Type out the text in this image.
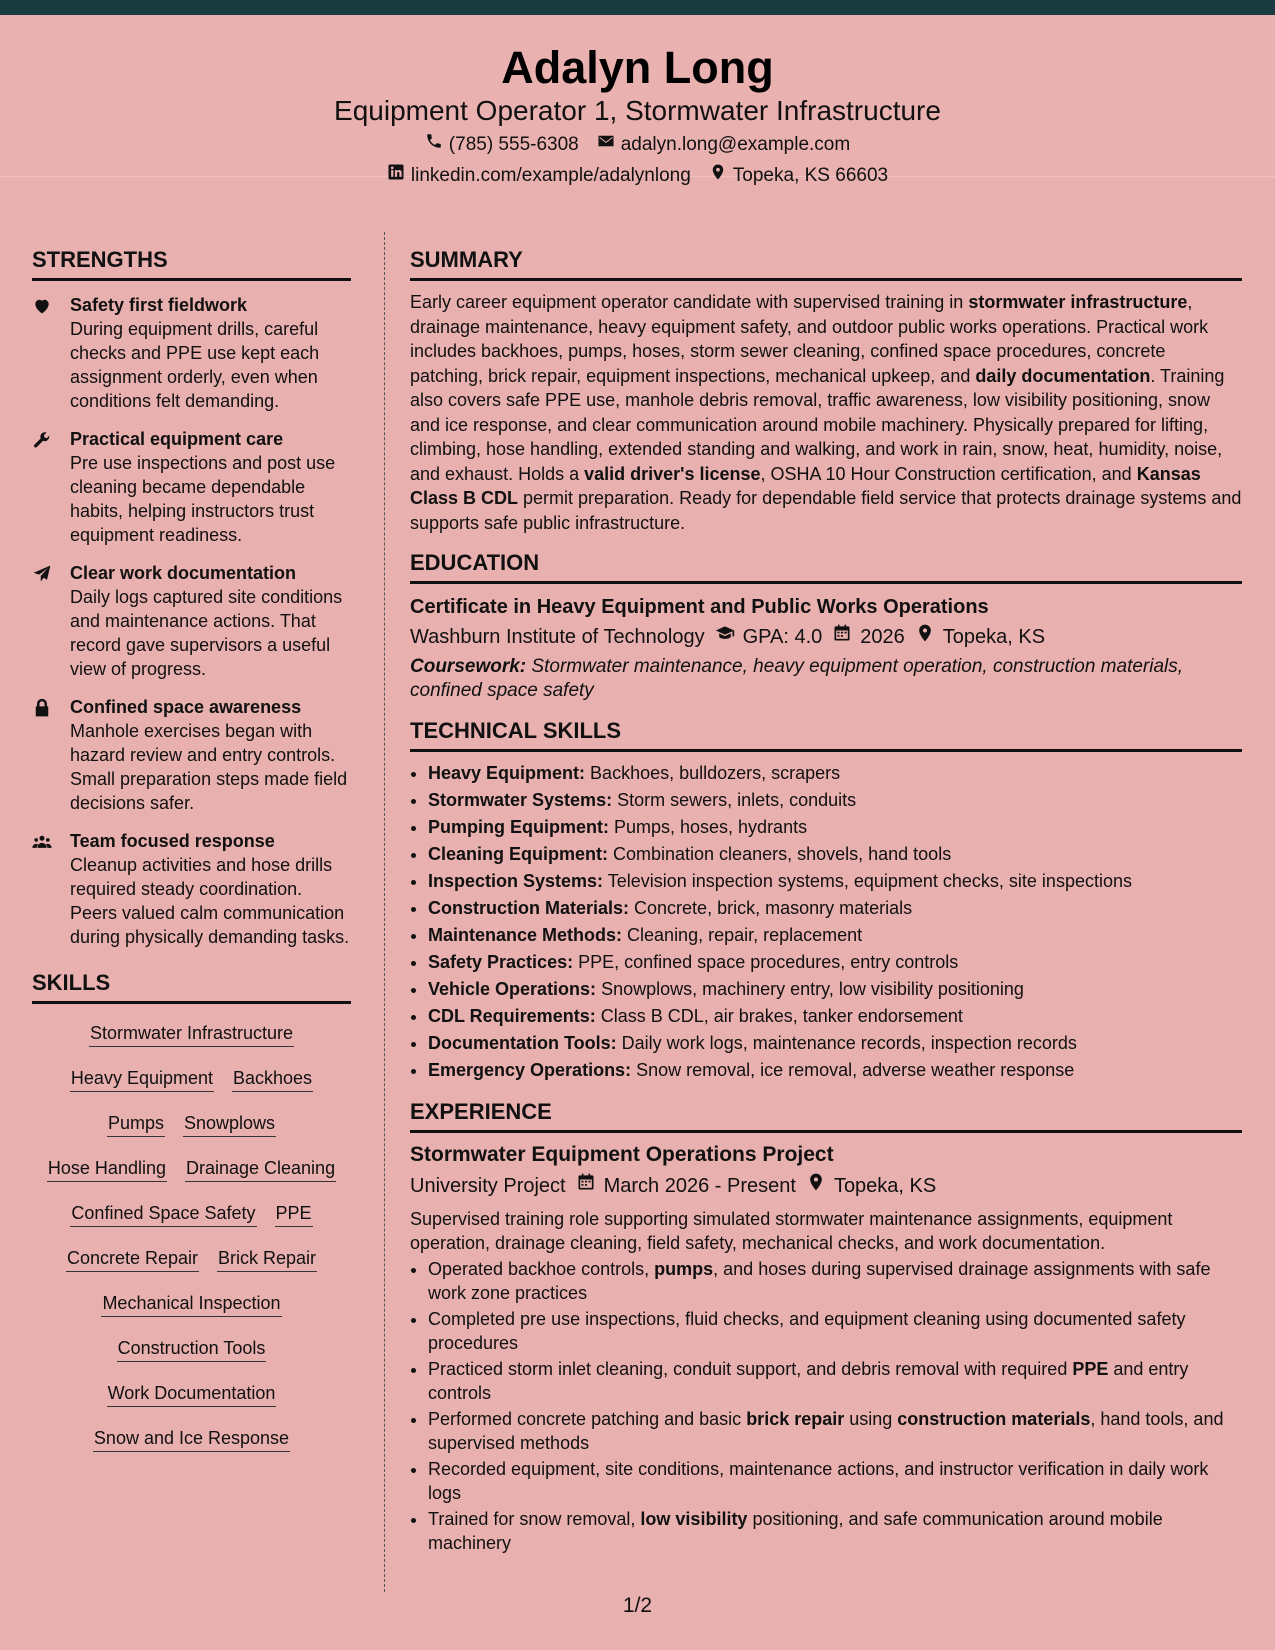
Adalyn Long
Equipment Operator 1, Stormwater Infrastructure
(785) 555-6308 adalyn.long@example.com
linkedin.com/example/adalynlong Topeka, KS 66603
STRENGTHS
Safety first fieldwork
During equipment drills, careful checks and PPE use kept each assignment orderly, even when conditions felt demanding.
Practical equipment care
Pre use inspections and post use cleaning became dependable habits, helping instructors trust equipment readiness.
Clear work documentation
Daily logs captured site conditions and maintenance actions. That record gave supervisors a useful view of progress.
Confined space awareness
Manhole exercises began with hazard review and entry controls. Small preparation steps made field decisions safer.
Team focused response
Cleanup activities and hose drills required steady coordination. Peers valued calm communication during physically demanding tasks.
SKILLS
Stormwater Infrastructure
Heavy Equipment Backhoes
Pumps Snowplows
Hose Handling Drainage Cleaning
Confined Space Safety PPE
Concrete Repair Brick Repair
Mechanical Inspection
Construction Tools
Work Documentation
Snow and Ice Response
SUMMARY

Early career equipment operator candidate with supervised training in stormwater infrastructure, drainage maintenance, heavy equipment safety, and outdoor public works operations. Practical work includes backhoes, pumps, hoses, storm sewer cleaning, confined space procedures, concrete patching, brick repair, equipment inspections, mechanical upkeep, and daily documentation. Training also covers safe PPE use, manhole debris removal, traffic awareness, low visibility positioning, snow and ice response, and clear communication around mobile machinery. Physically prepared for lifting, climbing, hose handling, extended standing and walking, and work in rain, snow, heat, humidity, noise, and exhaust. Holds a valid driver's license, OSHA 10 Hour Construction certification, and Kansas Class B CDL permit preparation. Ready for dependable field service that protects drainage systems and supports safe public infrastructure.

EDUCATION
Certificate in Heavy Equipment and Public Works Operations
Washburn Institute of Technology GPA: 4.0 2026 Topeka, KS
Coursework: Stormwater maintenance, heavy equipment operation, construction materials, confined space safety
TECHNICAL SKILLS
• Heavy Equipment: Backhoes, bulldozers, scrapers
• Stormwater Systems: Storm sewers, inlets, conduits
• Pumping Equipment: Pumps, hoses, hydrants
• Cleaning Equipment: Combination cleaners, shovels, hand tools
• Inspection Systems: Television inspection systems, equipment checks, site inspections
• Construction Materials: Concrete, brick, masonry materials
• Maintenance Methods: Cleaning, repair, replacement
• Safety Practices: PPE, confined space procedures, entry controls
• Vehicle Operations: Snowplows, machinery entry, low visibility positioning
• CDL Requirements: Class B CDL, air brakes, tanker endorsement
• Documentation Tools: Daily work logs, maintenance records, inspection records
• Emergency Operations: Snow removal, ice removal, adverse weather response
EXPERIENCE
Stormwater Equipment Operations Project
University Project March 2026 - Present Topeka, KS
Supervised training role supporting simulated stormwater maintenance assignments, equipment operation, drainage cleaning, field safety, mechanical checks, and work documentation.
• Operated backhoe controls, pumps, and hoses during supervised drainage assignments with safe work zone practices
• Completed pre use inspections, fluid checks, and equipment cleaning using documented safety procedures
• Practiced storm inlet cleaning, conduit support, and debris removal with required PPE and entry controls
• Performed concrete patching and basic brick repair using construction materials, hand tools, and supervised methods
• Recorded equipment, site conditions, maintenance actions, and instructor verification in daily work logs
• Trained for snow removal, low visibility positioning, and safe communication around mobile machinery
1/2
